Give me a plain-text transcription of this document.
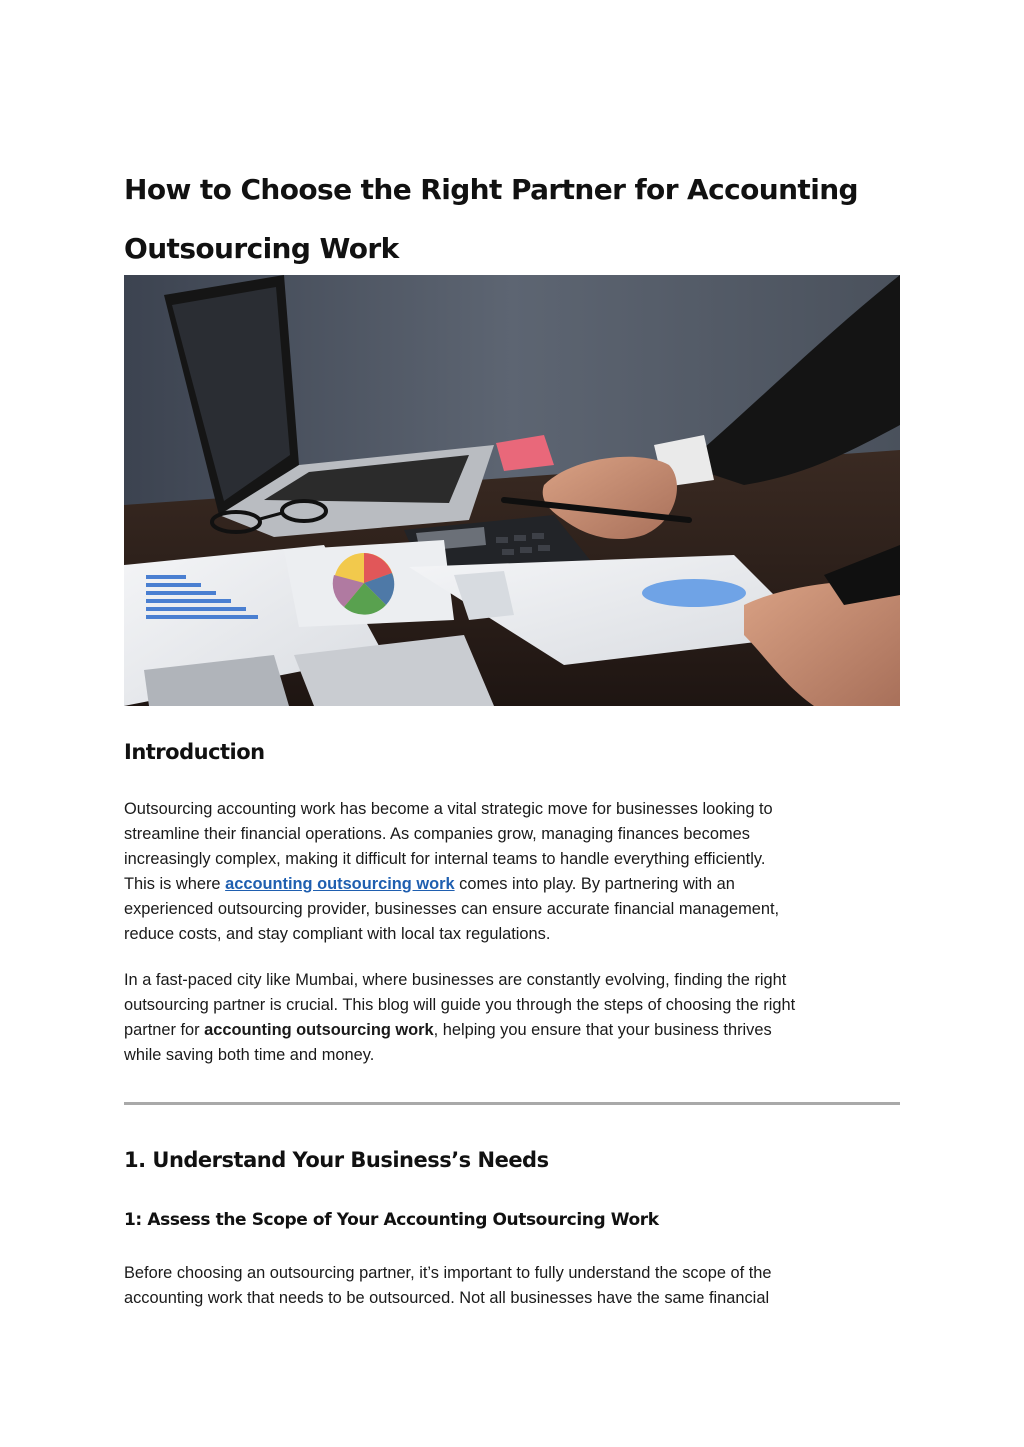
How to Choose the Right Partner for Accounting
Outsourcing Work
Introduction

Outsourcing accounting work has become a vital strategic move for businesses looking to
streamline their financial operations. As companies grow, managing finances becomes
increasingly complex, making it difficult for internal teams to handle everything efficiently.
This is where accounting outsourcing work comes into play. By partnering with an
experienced outsourcing provider, businesses can ensure accurate financial management,
reduce costs, and stay compliant with local tax regulations.

In a fast-paced city like Mumbai, where businesses are constantly evolving, finding the right
outsourcing partner is crucial. This blog will guide you through the steps of choosing the right
partner for accounting outsourcing work, helping you ensure that your business thrives
while saving both time and money.

1. Understand Your Business’s Needs
1: Assess the Scope of Your Accounting Outsourcing Work

Before choosing an outsourcing partner, it’s important to fully understand the scope of the
accounting work that needs to be outsourced. Not all businesses have the same financial
